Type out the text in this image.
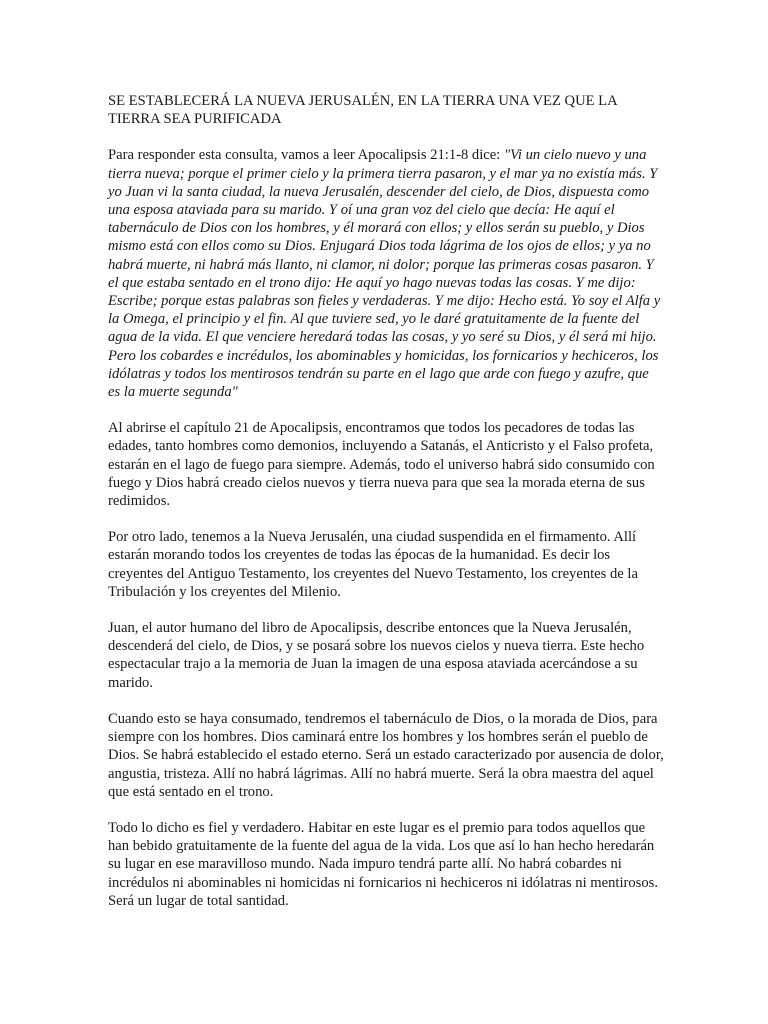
SE ESTABLECERÁ LA NUEVA JERUSALÉN, EN LA TIERRA UNA VEZ QUE LA TIERRA SEA PURIFICADA

Para responder esta consulta, vamos a leer Apocalipsis 21:1-8 dice: "Vi un cielo nuevo y una tierra nueva; porque el primer cielo y la primera tierra pasaron, y el mar ya no existía más. Y yo Juan vi la santa ciudad, la nueva Jerusalén, descender del cielo, de Dios, dispuesta como una esposa ataviada para su marido. Y oí una gran voz del cielo que decía: He aquí el tabernáculo de Dios con los hombres, y él morará con ellos; y ellos serán su pueblo, y Dios mismo está con ellos como su Dios. Enjugará Dios toda lágrima de los ojos de ellos; y ya no habrá muerte, ni habrá más llanto, ni clamor, ni dolor; porque las primeras cosas pasaron. Y el que estaba sentado en el trono dijo: He aquí yo hago nuevas todas las cosas. Y me dijo: Escribe; porque estas palabras son fieles y verdaderas. Y me dijo: Hecho está. Yo soy el Alfa y la Omega, el principio y el fin. Al que tuviere sed, yo le daré gratuitamente de la fuente del agua de la vida. El que venciere heredará todas las cosas, y yo seré su Dios, y él será mi hijo. Pero los cobardes e incrédulos, los abominables y homicidas, los fornicarios y hechiceros, los idólatras y todos los mentirosos tendrán su parte en el lago que arde con fuego y azufre, que es la muerte segunda"

Al abrirse el capítulo 21 de Apocalipsis, encontramos que todos los pecadores de todas las edades, tanto hombres como demonios, incluyendo a Satanás, el Anticristo y el Falso profeta, estarán en el lago de fuego para siempre. Además, todo el universo habrá sido consumido con fuego y Dios habrá creado cielos nuevos y tierra nueva para que sea la morada eterna de sus redimidos.

Por otro lado, tenemos a la Nueva Jerusalén, una ciudad suspendida en el firmamento. Allí estarán morando todos los creyentes de todas las épocas de la humanidad. Es decir los creyentes del Antiguo Testamento, los creyentes del Nuevo Testamento, los creyentes de la Tribulación y los creyentes del Milenio.

Juan, el autor humano del libro de Apocalipsis, describe entonces que la Nueva Jerusalén, descenderá del cielo, de Dios, y se posará sobre los nuevos cielos y nueva tierra. Este hecho espectacular trajo a la memoria de Juan la imagen de una esposa ataviada acercándose a su marido.

Cuando esto se haya consumado, tendremos el tabernáculo de Dios, o la morada de Dios, para siempre con los hombres. Dios caminará entre los hombres y los hombres serán el pueblo de Dios. Se habrá establecido el estado eterno. Será un estado caracterizado por ausencia de dolor, angustia, tristeza. Allí no habrá lágrimas. Allí no habrá muerte. Será la obra maestra del aquel que está sentado en el trono.

Todo lo dicho es fiel y verdadero. Habitar en este lugar es el premio para todos aquellos que han bebido gratuitamente de la fuente del agua de la vida. Los que así lo han hecho heredarán su lugar en ese maravilloso mundo. Nada impuro tendrá parte allí. No habrá cobardes ni incrédulos ni abominables ni homicidas ni fornicarios ni hechiceros ni idólatras ni mentirosos. Será un lugar de total santidad.
